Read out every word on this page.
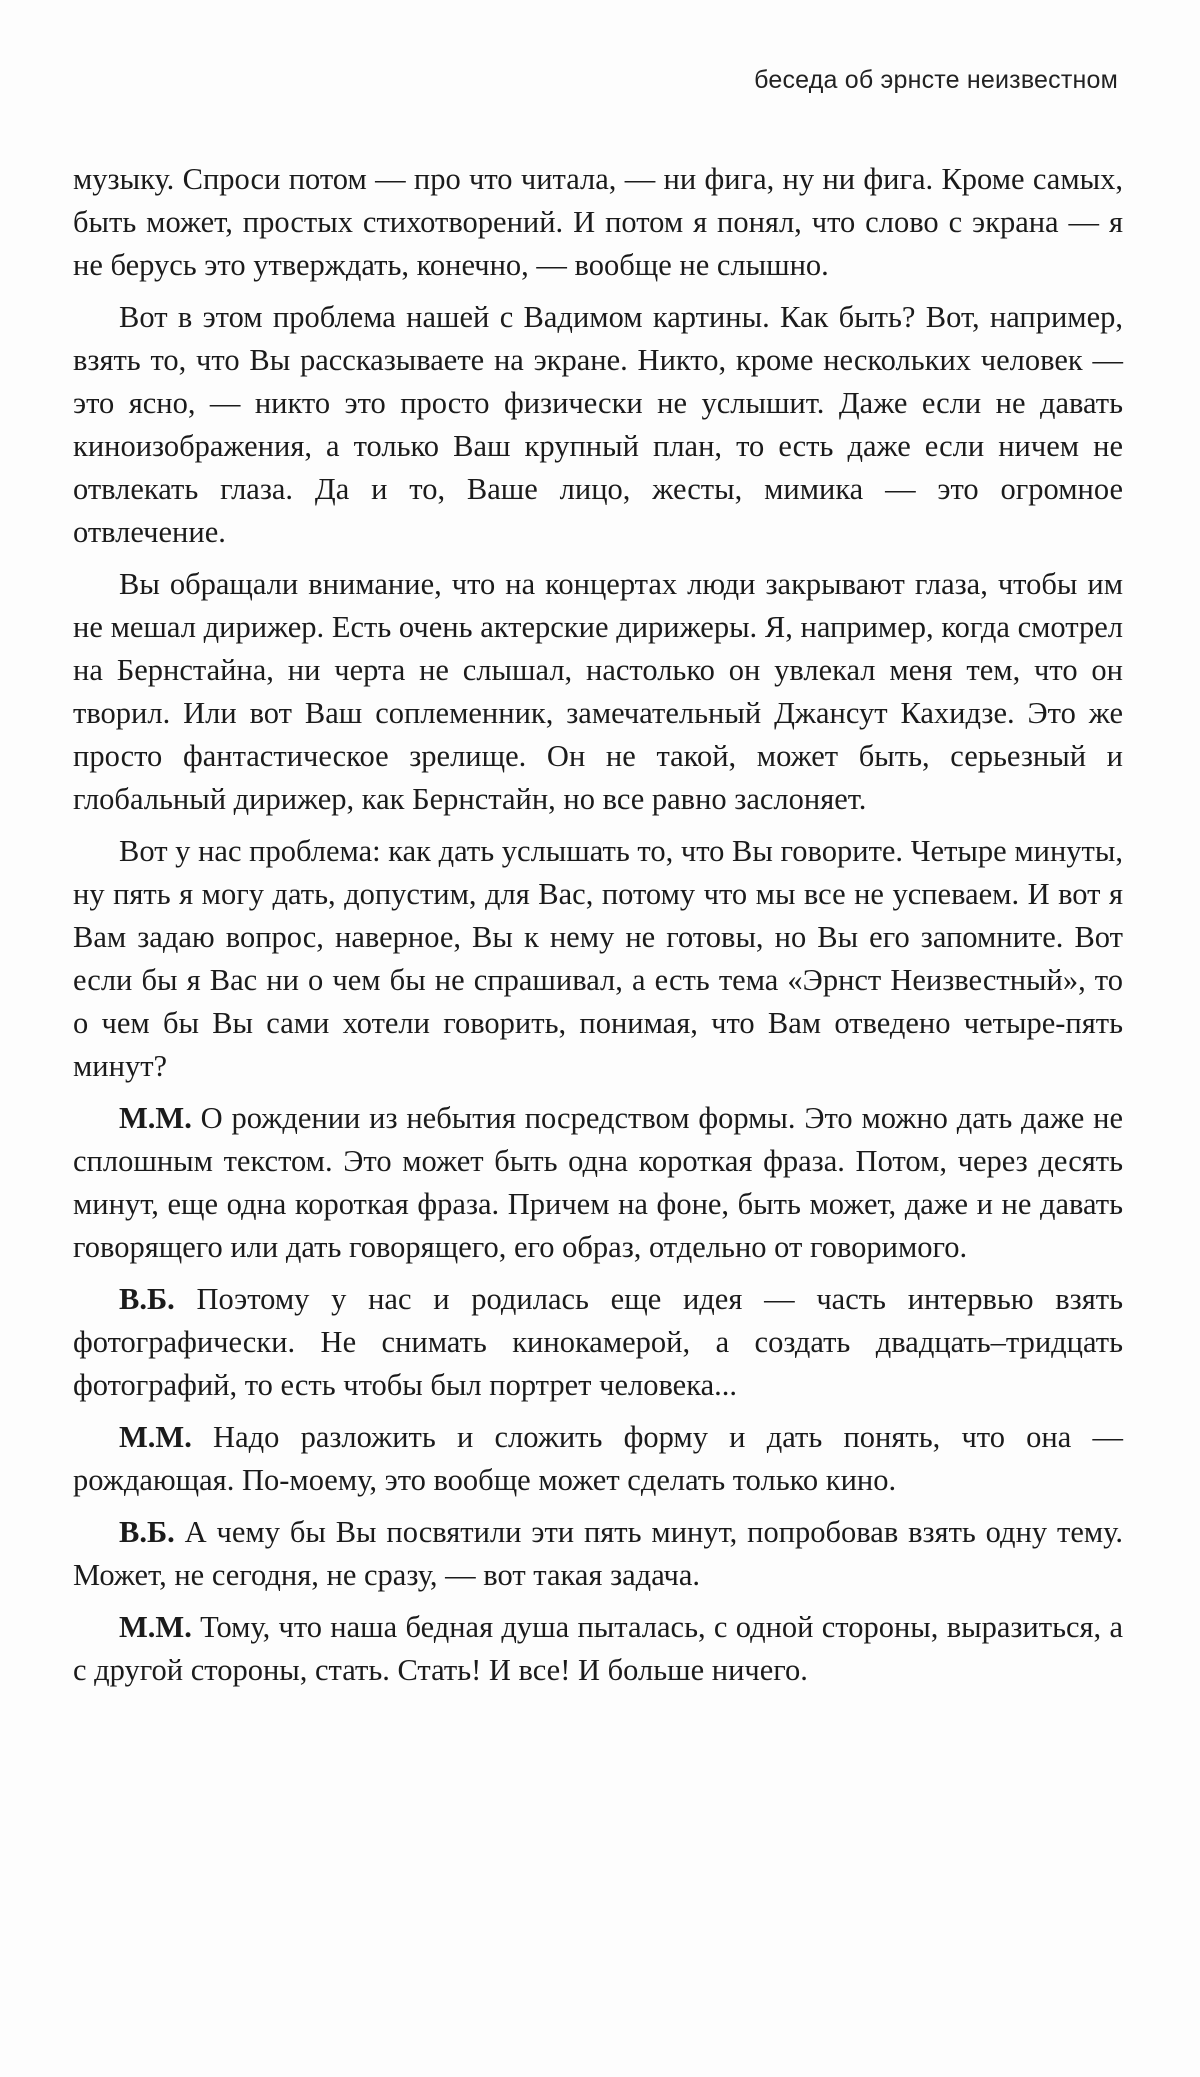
беседа об эрнсте неизвестном

музыку. Спроси потом — про что читала, — ни фига, ну ни фига. Кроме самых, быть может, простых стихотворений. И потом я понял, что слово с экрана — я не берусь это утверждать, конечно, — вообще не слышно.

Вот в этом проблема нашей с Вадимом картины. Как быть? Вот, например, взять то, что Вы рассказываете на экране. Никто, кроме нескольких человек — это ясно, — никто это просто физически не услышит. Даже если не давать киноизображения, а только Ваш крупный план, то есть даже если ничем не отвлекать глаза. Да и то, Ваше лицо, жесты, мимика — это огромное отвлечение.

Вы обращали внимание, что на концертах люди закрывают глаза, чтобы им не мешал дирижер. Есть очень актерские дирижеры. Я, например, когда смотрел на Бернстайна, ни черта не слышал, настолько он увлекал меня тем, что он творил. Или вот Ваш соплеменник, замечательный Джансут Кахидзе. Это же просто фантастическое зрелище. Он не такой, может быть, серьезный и глобальный дирижер, как Бернстайн, но все равно заслоняет.

Вот у нас проблема: как дать услышать то, что Вы говорите. Четыре минуты, ну пять я могу дать, допустим, для Вас, потому что мы все не успеваем. И вот я Вам задаю вопрос, наверное, Вы к нему не готовы, но Вы его запомните. Вот если бы я Вас ни о чем бы не спрашивал, а есть тема «Эрнст Неизвестный», то о чем бы Вы сами хотели говорить, понимая, что Вам отведено четыре-пять минут?

М.М. О рождении из небытия посредством формы. Это можно дать даже не сплошным текстом. Это может быть одна короткая фраза. Потом, через десять минут, еще одна короткая фраза. Причем на фоне, быть может, даже и не давать говорящего или дать говорящего, его образ, отдельно от говоримого.

В.Б. Поэтому у нас и родилась еще идея — часть интервью взять фотографически. Не снимать кинокамерой, а создать двадцать–тридцать фотографий, то есть чтобы был портрет человека...

М.М. Надо разложить и сложить форму и дать понять, что она — рождающая. По-моему, это вообще может сделать только кино.

В.Б. А чему бы Вы посвятили эти пять минут, попробовав взять одну тему. Может, не сегодня, не сразу, — вот такая задача.

М.М. Тому, что наша бедная душа пыталась, с одной стороны, выразиться, а с другой стороны, стать. Стать! И все! И больше ничего.
